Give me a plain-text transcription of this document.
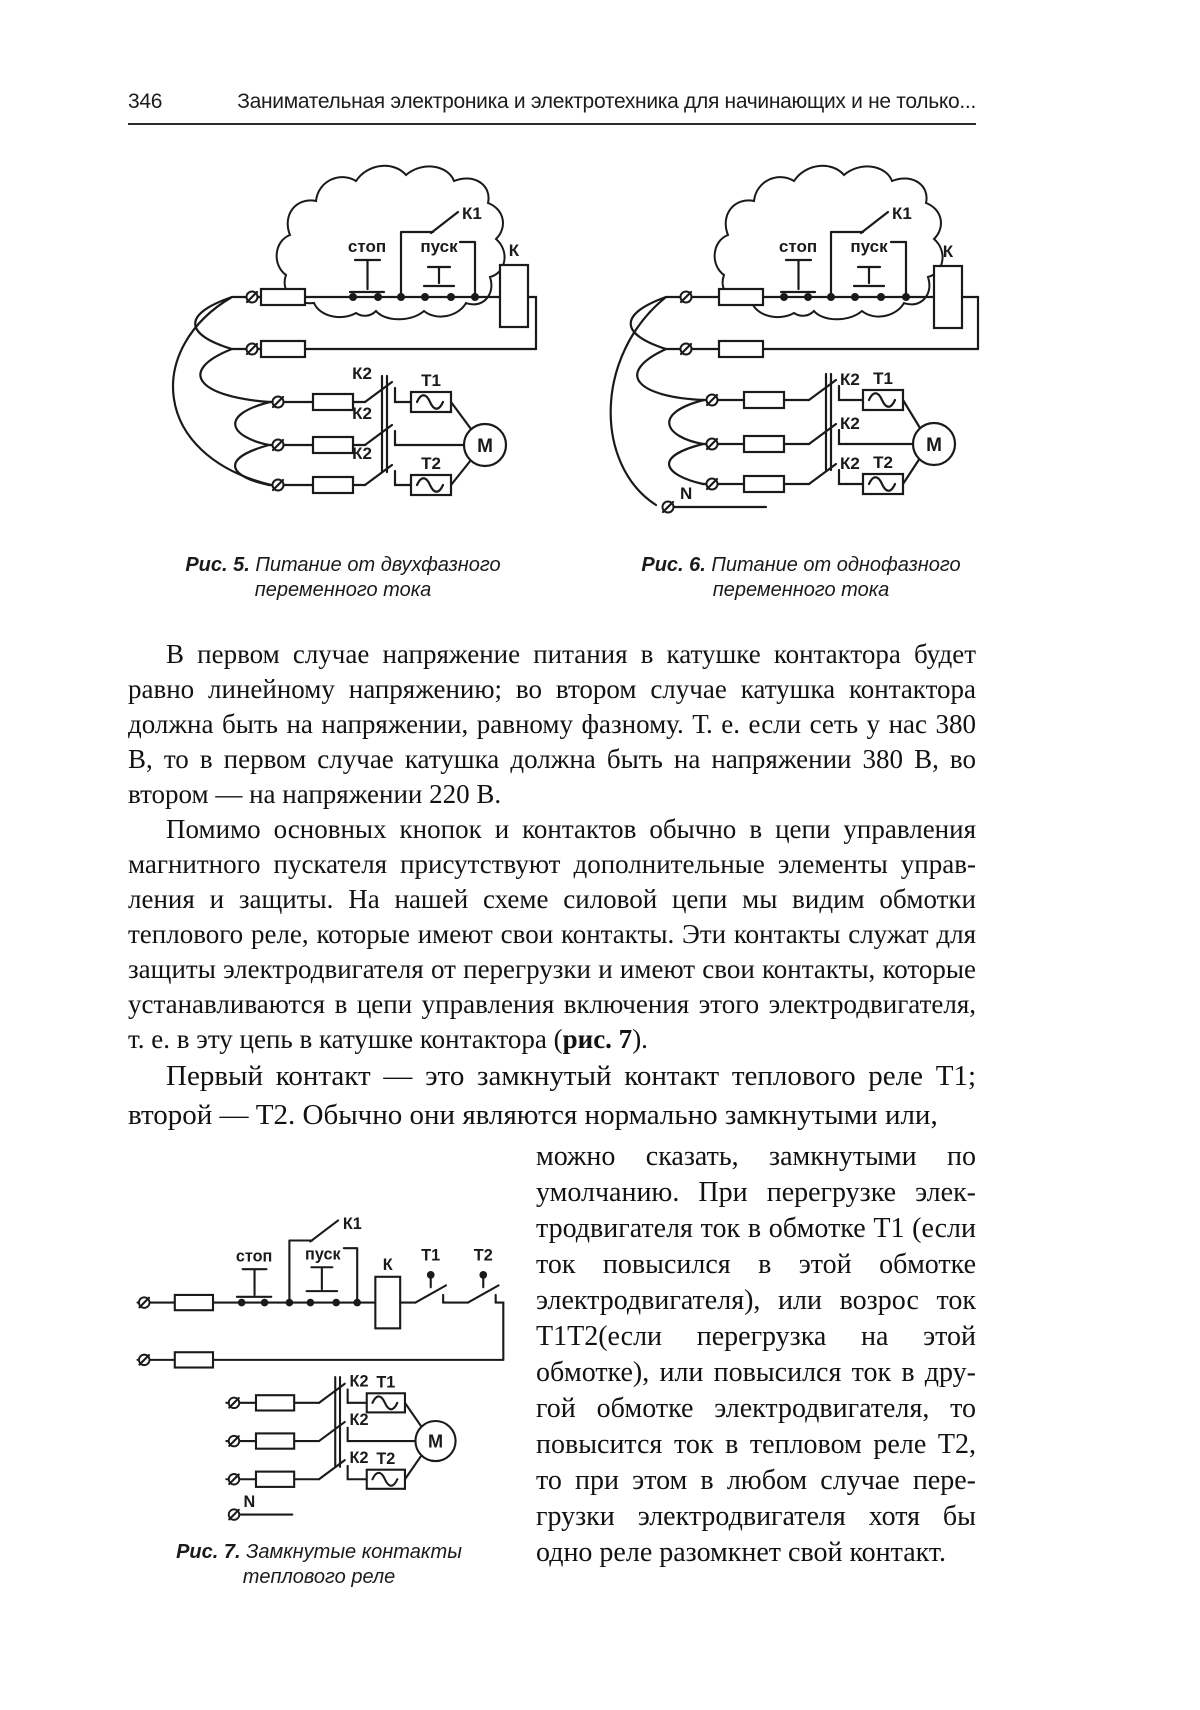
346	Занимательная электроника и электротехника для начинающих и не только...
стоп пуск
К1
К
К2
К2
К2
Т1
Т2
М
Рис. 5. Питание от двухфазного переменного тока
стоп пуск
К1
К
К2
К2
К2
Т1
Т2
М
N
Рис. 6. Питание от однофазного переменного тока

В первом случае напряжение питания в катушке контактора будет равно линейному напряжению; во втором случае катушка контактора должна быть на напряжении, равному фазному. Т. е. если сеть у нас 380 В, то в первом случае катушка должна быть на напряжении 380 В, во втором — на напряжении 220 В.

Помимо основных кнопок и контактов обычно в цепи управления магнитного пускателя присутствуют дополнительные элементы управления и защиты. На нашей схеме силовой цепи мы видим обмотки теплового реле, которые имеют свои контакты. Эти контакты служат для защиты электродвигателя от перегрузки и имеют свои контакты, которые устанавливаются в цепи управления включения этого электродвигателя, т. е. в эту цепь в катушке контактора (рис. 7).

Первый контакт — это замкнутый контакт теплового реле Т1; второй — Т2. Обычно они являются нормально замкнутыми или,

стоп пуск
К1
К
Т1 Т2
К2
К2
К2
Т1
Т2
М
N
Рис. 7. Замкнутые контакты теплового реле

можно сказать, замкнутыми по умолчанию. При перегрузке электродвигателя ток в обмотке Т1 (если ток повысился в этой обмотке электродвигателя), или возрос ток Т1Т2(если перегрузка на этой обмотке), или повысился ток в другой обмотке электродвигателя, то повысится ток в тепловом реле Т2, то при этом в любом случае перегрузки электродвигателя хотя бы одно реле разомкнет свой контакт.
